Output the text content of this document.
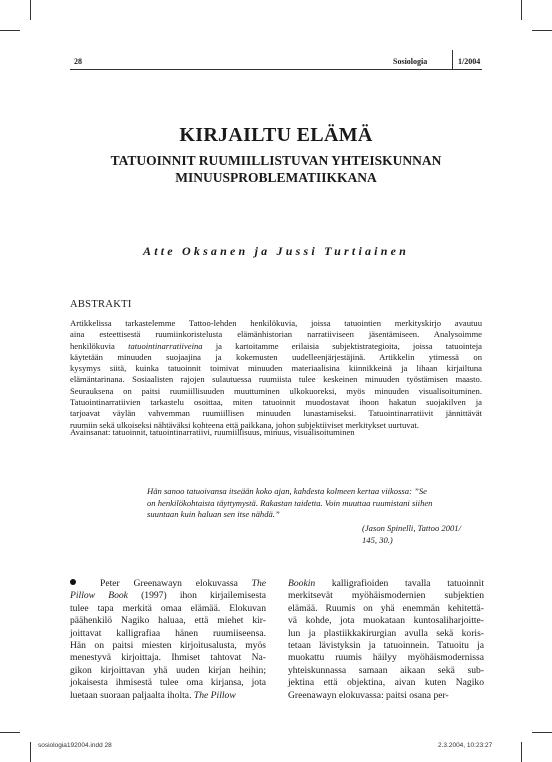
28	Sosiologia	1/2004
KIRJAILTU ELÄMÄ
TATUOINNIT RUUMIILLISTUVAN YHTEISKUNNAN
MINUUSPROBLEMATIIKKANA
Atte Oksanen ja Jussi Turtiainen
ABSTRAKTI
Artikkelissa tarkastelemme Tattoo-lehden henkilökuvia, joissa tatuointien merkityskirjo avautuu
aina esteettisestä ruumiinkoristelusta elämänhistorian narratiiviseen jäsentämiseen. Analysoimme
henkilökuvia tatuointinarratiiveina ja kartoitamme erilaisia subjektistrategioita, joissa tatuointeja
käytetään minuuden suojaajina ja kokemusten uudelleenjärjestäjinä. Artikkelin ytimessä on
kysymys siitä, kuinka tatuoinnit toimivat minuuden materiaalisina kiinnikkeinä ja lihaan kirjailtuna
elämäntarinana. Sosiaalisten rajojen sulautuessa ruumiista tulee keskeinen minuuden työstämisen maasto.
Seurauksena on paitsi ruumiillisuuden muuttuminen ulkokuoreksi, myös minuuden visualisoituminen.
Tatuointinarratiivien tarkastelu osoittaa, miten tatuoinnit muodostavat ihoon hakatun suojakilven ja
tarjoavat väylän vahvemman ruumiillisen minuuden lunastamiseksi. Tatuointinarratiivit jännittävät
ruumiin sekä ulkoiseksi nähtäväksi kohteena että paikkana, johon subjektiiviset merkitykset uurtuvat.
Avainsanat: tatuoinnit, tatuointinarratiivi, ruumiillisuus, minuus, visualisoituminen
Hän sanoo tatuoivansa itseään koko ajan, kahdesta kolmeen kertaa viikossa: ”Se
on henkilökohtaista täyttymystä. Rakastan taidetta. Voin muuttaa ruumistani siihen
suuntaan kuin haluan sen itse nähdä.”
(Jason Spinelli, Tattoo 2001/
145, 30.)
Peter Greenawayn elokuvassa The
Pillow Book (1997) ihon kirjailemisesta
tulee tapa merkitä omaa elämää. Elokuvan
päähenkilö Nagiko haluaa, että miehet kir-
joittavat kalligrafiaa hänen ruumiiseensa.
Hän on paitsi miesten kirjoitusalusta, myös
menestyvä kirjoittaja. Ihmiset tahtovat Na-
gikon kirjoittavan yhä uuden kirjan heihin;
jokaisesta ihmisestä tulee oma kirjansa, jota
luetaan suoraan paljaalta iholta. The Pillow
Bookin kalligrafioiden tavalla tatuoinnit
merkitsevät myöhäismodernien subjektien
elämää. Ruumis on yhä enemmän kehitettä-
vä kohde, jota muokataan kuntosaliharjoitte-
lun ja plastiikkakirurgian avulla sekä koris-
tetaan lävistyksin ja tatuoinnein. Tatuoitu ja
muokattu ruumis häilyy myöhäismodernissa
yhteiskunnassa samaan aikaan sekä sub-
jektina että objektina, aivan kuten Nagiko
Greenawayn elokuvassa: paitsi osana per-
sosiologia192004.indd 28	2.3.2004, 10:23:27
